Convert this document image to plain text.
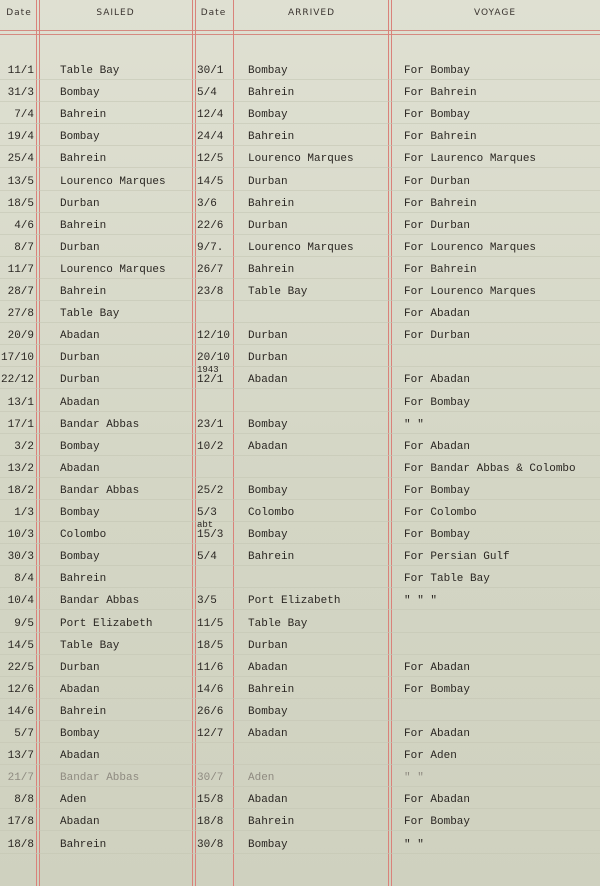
Date	SAILED	Date	ARRIVED	VOYAGE
11/1 Table Bay	30/1 Bombay	For Bombay
31/3 Bombay	5/4	Bahrein	For Bahrein
7/4 Bahrein	12/4 Bombay	For Bombay
19/4 Bombay	24/4 Bahrein	For Bahrein
25/4 Bahrein	12/5 Lourenco Marques	For Laurenco Marques
13/5 Lourenco Marques	14/5 Durban	For Durban
18/5 Durban	3/6	Bahrein	For Bahrein
4/6 Bahrein	22/6 Durban	For Durban
8/7 Durban	9/7. Lourenco Marques	For Lourenco Marques
11/7 Lourenco Marques	26/7 Bahrein	For Bahrein
28/7 Bahrein	23/8 Table Bay	For Lourenco Marques
27/8 Table Bay	For Abadan
20/9 Abadan	12/10 Durban	For Durban
17/10 Durban	20/10 Durban
22/12 Durban	12/1 Abadan	For Abadan
1943
13/1 Abadan	For Bombay
17/1 Bandar Abbas	23/1 Bombay	" "
3/2 Bombay	10/2 Abadan	For Abadan
13/2 Abadan	For Bandar Abbas & Colombo
18/2 Bandar Abbas	25/2 Bombay	For Bombay
1/3 Bombay	5/3	Colombo	For Colombo
10/3 Colombo	15/3 Bombay	For Bombay
abt
30/3 Bombay	5/4	Bahrein	For Persian Gulf
8/4 Bahrein	For Table Bay
10/4 Bandar Abbas	3/5	Port Elizabeth	" " "
9/5 Port Elizabeth	11/5 Table Bay
14/5 Table Bay	18/5 Durban
22/5 Durban	11/6 Abadan	For Abadan
12/6 Abadan	14/6 Bahrein	For Bombay
14/6 Bahrein	26/6 Bombay
5/7 Bombay	12/7 Abadan	For Abadan
13/7 Abadan	For Aden
21/7 Bandar Abbas	30/7 Aden	" "
8/8 Aden	15/8 Abadan	For Abadan
17/8 Abadan	18/8 Bahrein	For Bombay
18/8 Bahrein	30/8 Bombay	" "
